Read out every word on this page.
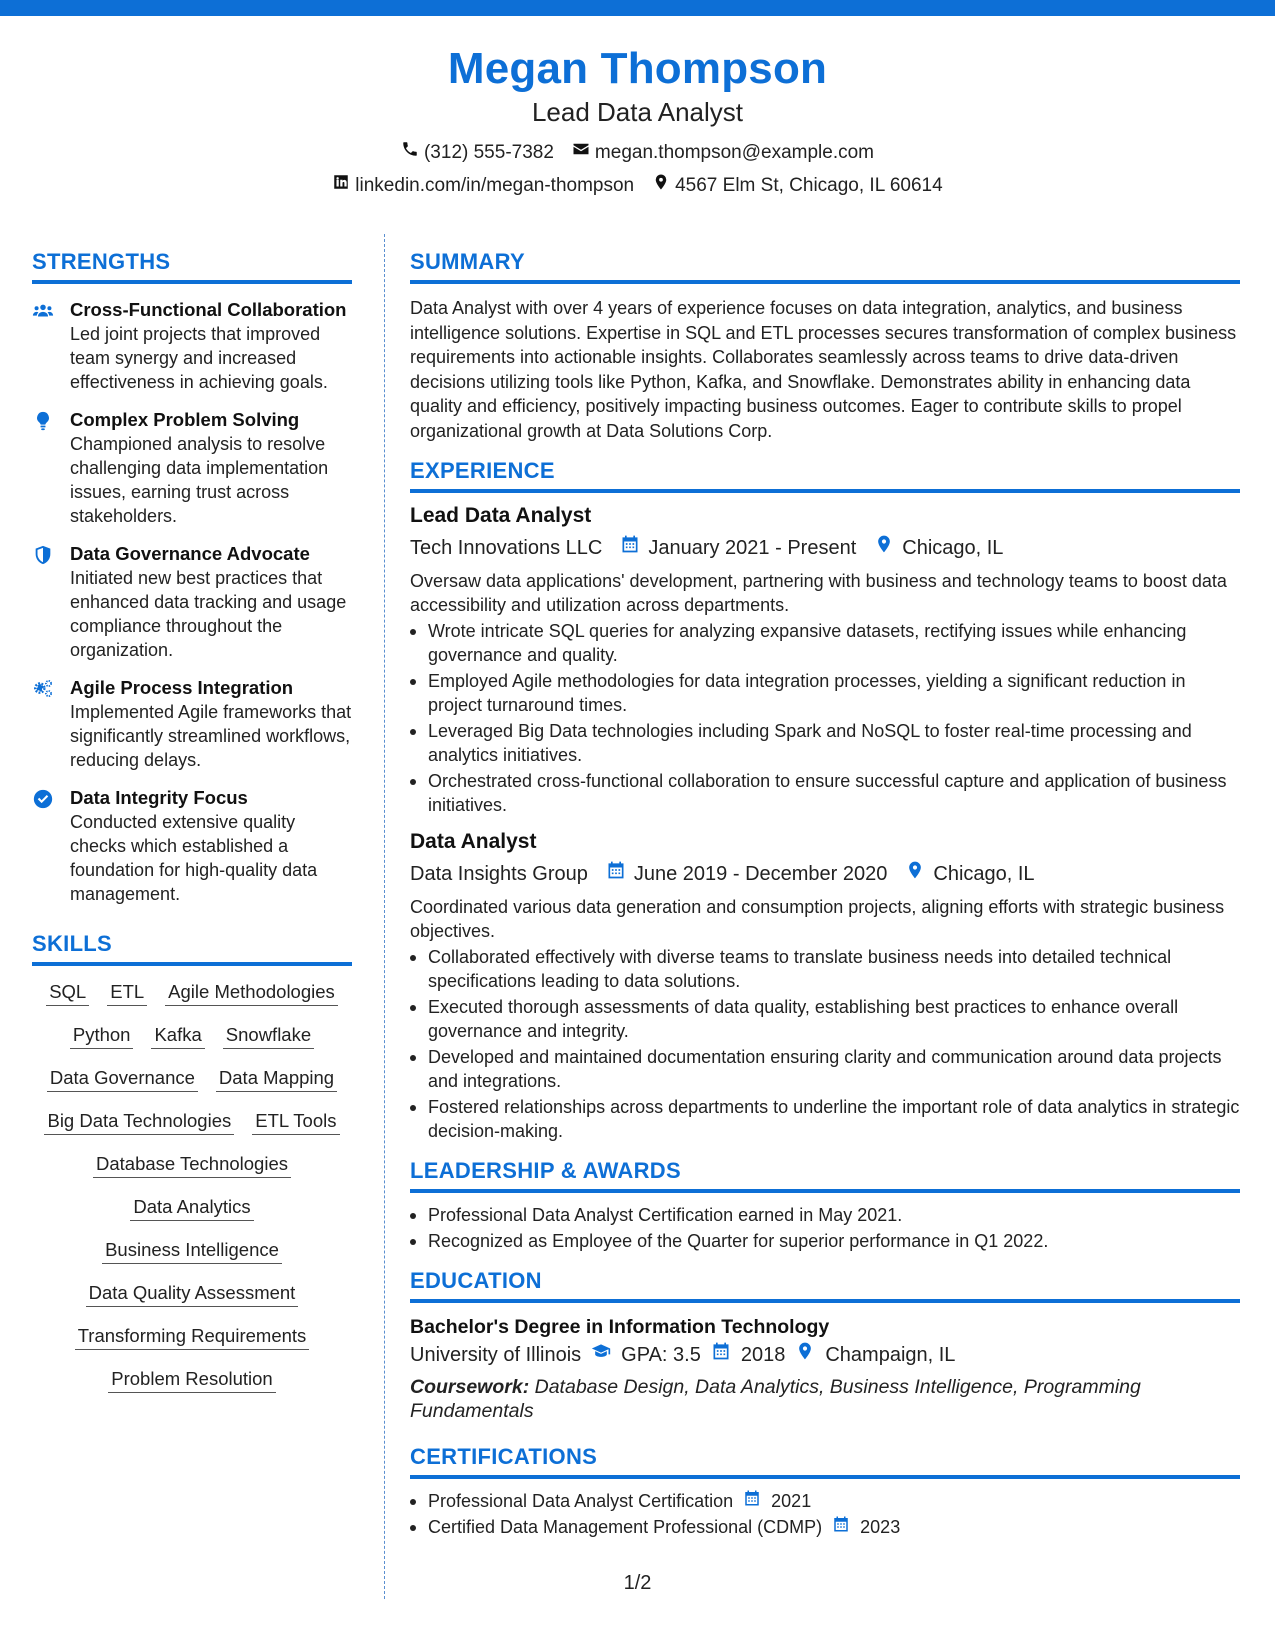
Megan Thompson
Lead Data Analyst
(312) 555-7382 megan.thompson@example.com
linkedin.com/in/megan-thompson 4567 Elm St, Chicago, IL 60614
STRENGTHS
Cross-Functional Collaboration
Led joint projects that improved team synergy and increased effectiveness in achieving goals.
Complex Problem Solving
Championed analysis to resolve challenging data implementation issues, earning trust across stakeholders.
Data Governance Advocate
Initiated new best practices that enhanced data tracking and usage compliance throughout the organization.
Agile Process Integration
Implemented Agile frameworks that significantly streamlined workflows, reducing delays.
Data Integrity Focus
Conducted extensive quality checks which established a foundation for high-quality data management.
SKILLS
SQL ETL Agile Methodologies
Python Kafka Snowflake
Data Governance Data Mapping
Big Data Technologies ETL Tools
Database Technologies
Data Analytics
Business Intelligence
Data Quality Assessment
Transforming Requirements
Problem Resolution
SUMMARY
Data Analyst with over 4 years of experience focuses on data integration, analytics, and business intelligence solutions. Expertise in SQL and ETL processes secures transformation of complex business requirements into actionable insights. Collaborates seamlessly across teams to drive data-driven decisions utilizing tools like Python, Kafka, and Snowflake. Demonstrates ability in enhancing data quality and efficiency, positively impacting business outcomes. Eager to contribute skills to propel organizational growth at Data Solutions Corp.
EXPERIENCE
Lead Data Analyst
Tech Innovations LLC January 2021 - Present Chicago, IL
Oversaw data applications' development, partnering with business and technology teams to boost data accessibility and utilization across departments.
Wrote intricate SQL queries for analyzing expansive datasets, rectifying issues while enhancing governance and quality.
Employed Agile methodologies for data integration processes, yielding a significant reduction in project turnaround times.
Leveraged Big Data technologies including Spark and NoSQL to foster real-time processing and analytics initiatives.
Orchestrated cross-functional collaboration to ensure successful capture and application of business initiatives.
Data Analyst
Data Insights Group June 2019 - December 2020 Chicago, IL
Coordinated various data generation and consumption projects, aligning efforts with strategic business objectives.
Collaborated effectively with diverse teams to translate business needs into detailed technical specifications leading to data solutions.
Executed thorough assessments of data quality, establishing best practices to enhance overall governance and integrity.
Developed and maintained documentation ensuring clarity and communication around data projects and integrations.
Fostered relationships across departments to underline the important role of data analytics in strategic decision-making.
LEADERSHIP & AWARDS
Professional Data Analyst Certification earned in May 2021.
Recognized as Employee of the Quarter for superior performance in Q1 2022.
EDUCATION
Bachelor's Degree in Information Technology
University of Illinois GPA: 3.5 2018 Champaign, IL
Coursework: Database Design, Data Analytics, Business Intelligence, Programming Fundamentals
CERTIFICATIONS
Professional Data Analyst Certification 2021
Certified Data Management Professional (CDMP) 2023
1/2
